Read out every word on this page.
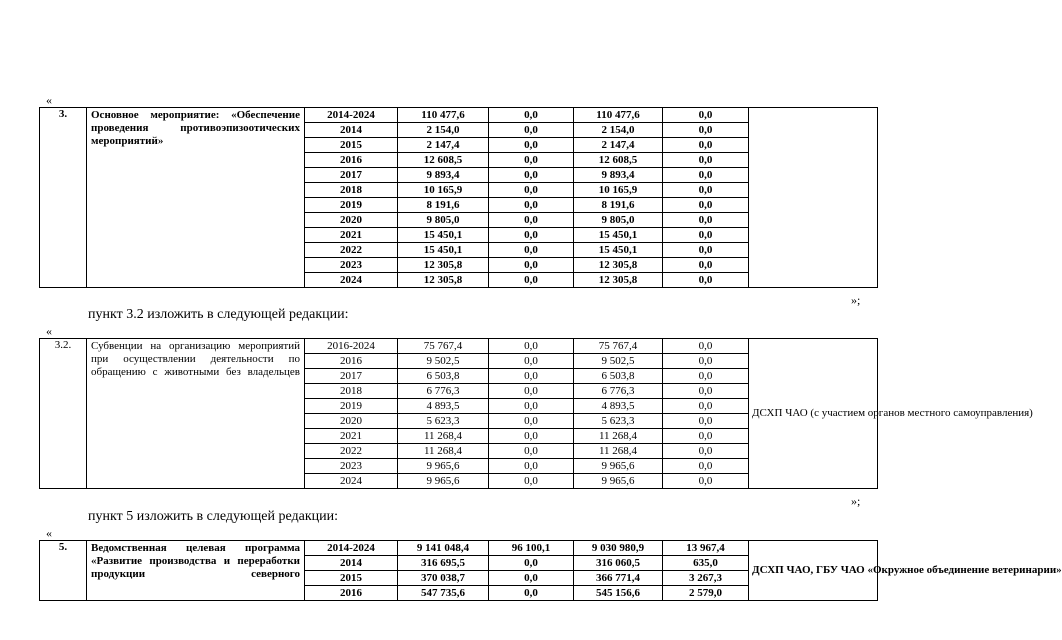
«
3.	Основное мероприятие: «Обеспечение проведения противоэпизоотических мероприятий»	2014-2024	110 477,6	0,0	110 477,6	0,0	
		2014	2 154,0	0,0	2 154,0	0,0	
		2015	2 147,4	0,0	2 147,4	0,0	
		2016	12 608,5	0,0	12 608,5	0,0	
		2017	9 893,4	0,0	9 893,4	0,0	
		2018	10 165,9	0,0	10 165,9	0,0	
		2019	8 191,6	0,0	8 191,6	0,0	
		2020	9 805,0	0,0	9 805,0	0,0	
		2021	15 450,1	0,0	15 450,1	0,0	
		2022	15 450,1	0,0	15 450,1	0,0	
		2023	12 305,8	0,0	12 305,8	0,0	
		2024	12 305,8	0,0	12 305,8	0,0	
»;
пункт 3.2 изложить в следующей редакции:
«
3.2.	Субвенции на организацию мероприятий при осуществлении деятельности по обращению с животными без владельцев	2016-2024	75 767,4	0,0	75 767,4	0,0	ДСХП ЧАО (с участием органов местного самоуправления)
		2016	9 502,5	0,0	9 502,5	0,0	
		2017	6 503,8	0,0	6 503,8	0,0	
		2018	6 776,3	0,0	6 776,3	0,0	
		2019	4 893,5	0,0	4 893,5	0,0	
		2020	5 623,3	0,0	5 623,3	0,0	
		2021	11 268,4	0,0	11 268,4	0,0	
		2022	11 268,4	0,0	11 268,4	0,0	
		2023	9 965,6	0,0	9 965,6	0,0	
		2024	9 965,6	0,0	9 965,6	0,0	
»;
пункт 5 изложить в следующей редакции:
«
5.	Ведомственная целевая программа «Развитие производства и переработки продукции северного	2014-2024	9 141 048,4	96 100,1	9 030 980,9	13 967,4	ДСХП ЧАО, ГБУ ЧАО «Окружное объединение ветеринарии»
		2014	316 695,5	0,0	316 060,5	635,0	
		2015	370 038,7	0,0	366 771,4	3 267,3	
		2016	547 735,6	0,0	545 156,6	2 579,0	
